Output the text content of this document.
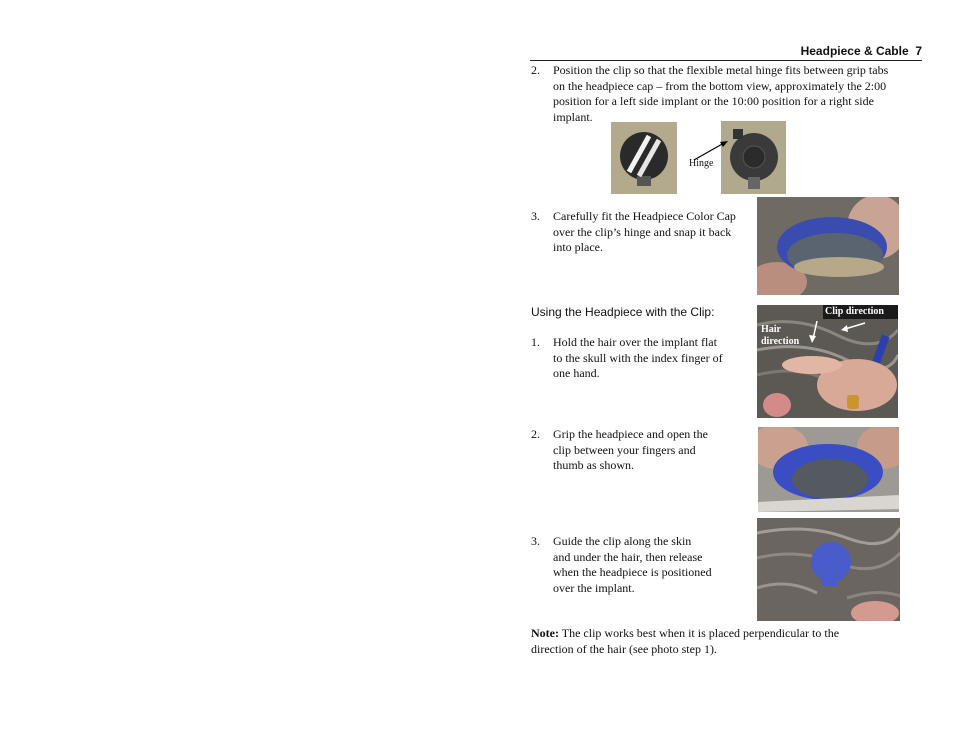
Headpiece & Cable 7
2. Position the clip so that the flexible metal hinge fits between grip tabs

on the headpiece cap – from the bottom view, approximately the 2:00

position for a left side implant or the 10:00 position for a right side

implant.

Hinge
3. Carefully fit the Headpiece Color Cap

over the clip’s hinge and snap it back

into place.

Using the Headpiece with the Clip:
1. Hold the hair over the implant flat

to the skull with the index finger of

one hand.

Clip direction
Hair
direction
2. Grip the headpiece and open the

clip between your fingers and

thumb as shown.

3. Guide the clip along the skin

and under the hair, then release

when the headpiece is positioned

over the implant.

Note: The clip works best when it is placed perpendicular to the

direction of the hair (see photo step 1).
